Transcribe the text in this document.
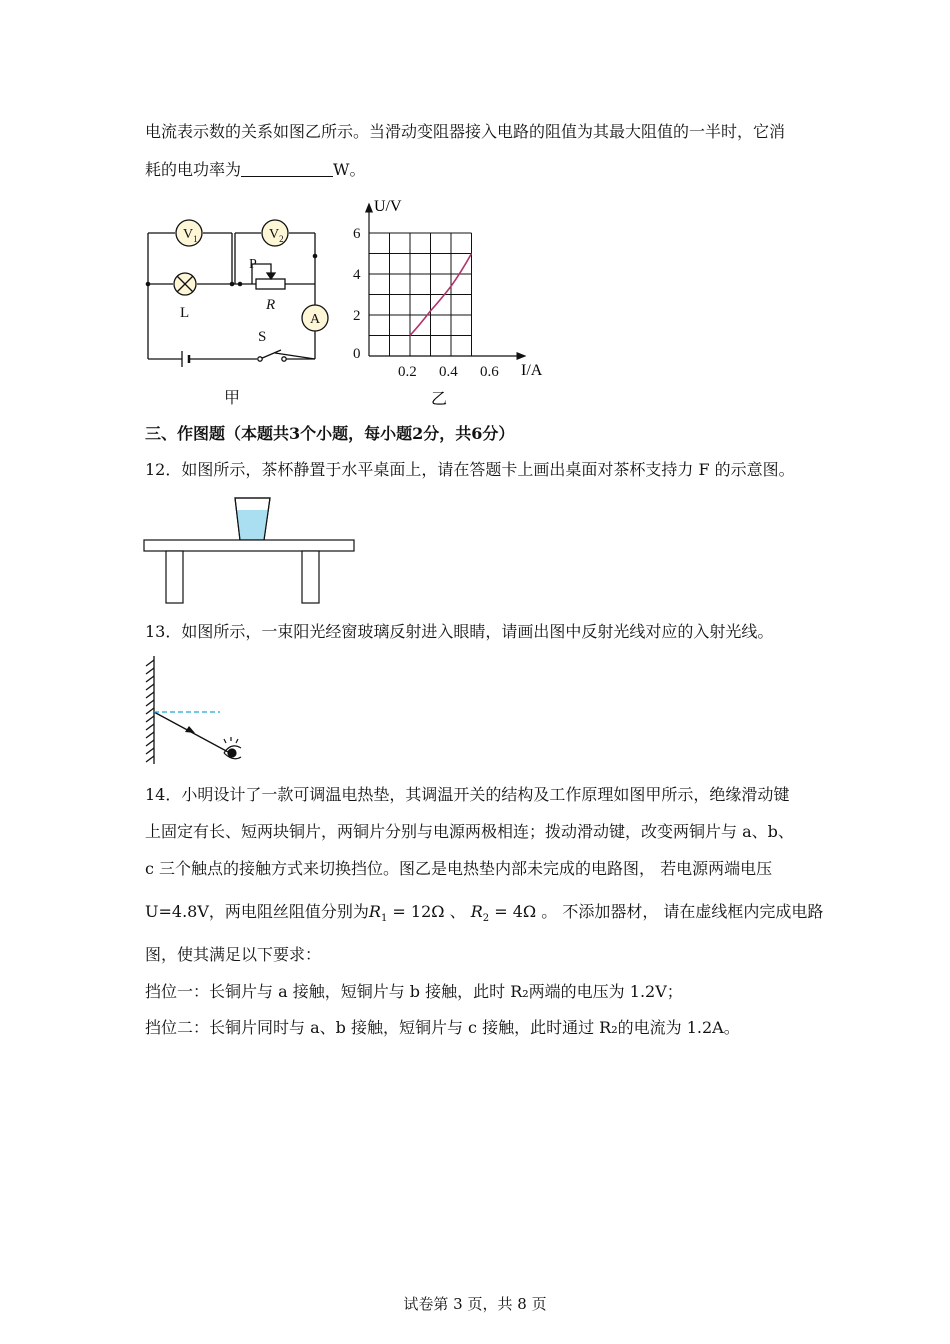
电流表示数的关系如图乙所示。当滑动变阻器接入电路的阻值为其最大阻值的一半时，它消
耗的电功率为	W。
$V_1$	$V_2$
L
P
R
A
S
甲
0.2 0.4 0.6
0
2
4
6
U/V
I/A
乙
三、作图题（本题共3个小题，每小题2分，共6分）
12．如图所示，茶杯静置于水平桌面上，请在答题卡上画出桌面对茶杯支持力 F 的示意图。
13．如图所示，一束阳光经窗玻璃反射进入眼睛，请画出图中反射光线对应的入射光线。
14．小明设计了一款可调温电热垫，其调温开关的结构及工作原理如图甲所示，绝缘滑动键
上固定有长、短两块铜片，两铜片分别与电源两极相连；拨动滑动键，改变两铜片与 a、b、
c 三个触点的接触方式来切换挡位。图乙是电热垫内部未完成的电路图， 若电源两端电压
U=4.8V，两电阻丝阻值分别为$R_1 = 12\Omega$ 、 $R_2 = 4\Omega$ 。 不添加器材， 请在虚线框内完成电路
图，使其满足以下要求：
挡位一：长铜片与 a 接触，短铜片与 b 接触，此时 R₂两端的电压为 1.2V；
挡位二：长铜片同时与 a、b 接触，短铜片与 c 接触，此时通过 R₂的电流为 1.2A。
试卷第 3 页，共 8 页
